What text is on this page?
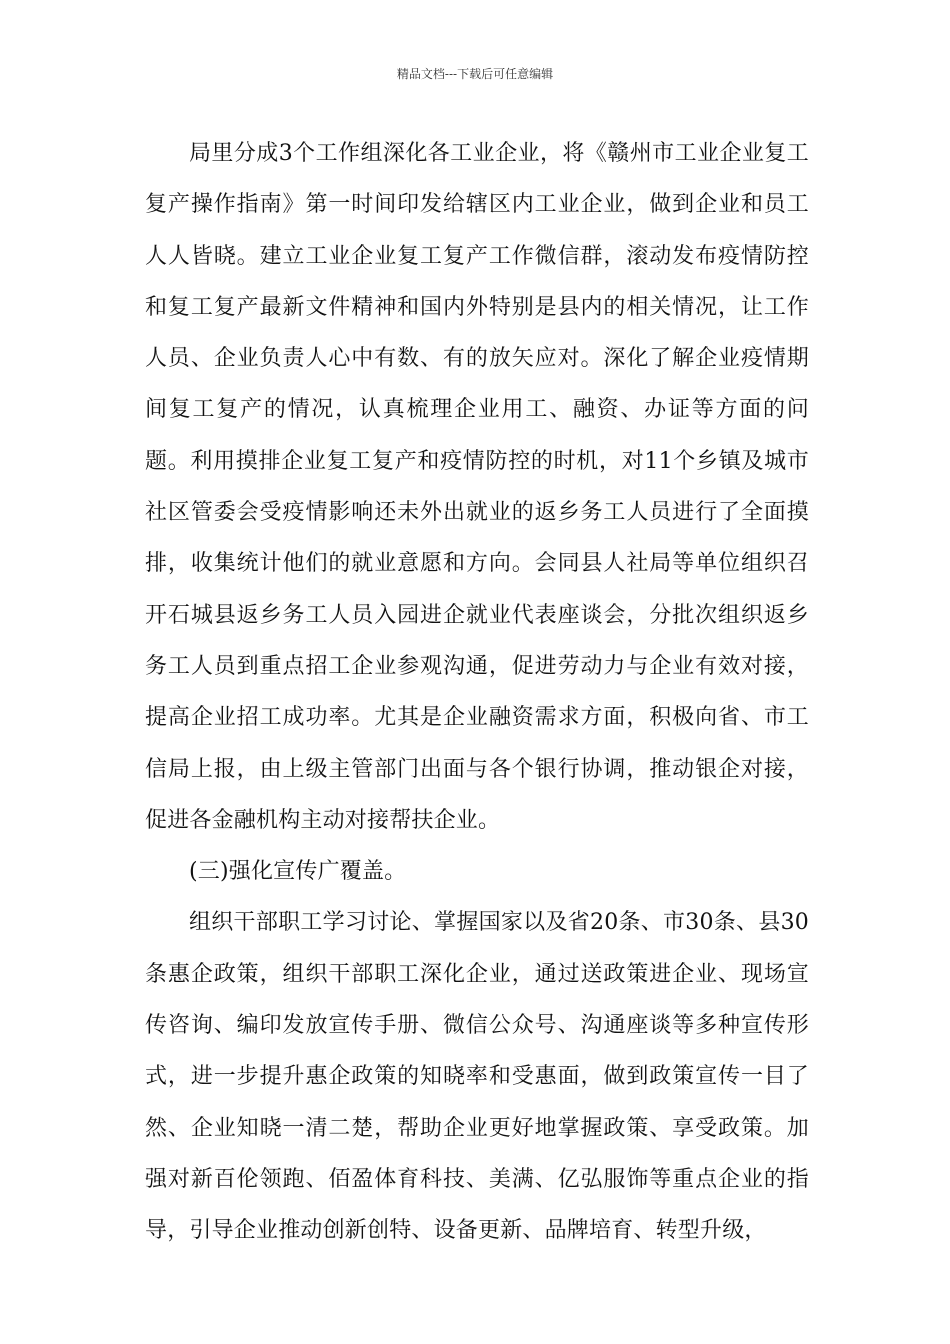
精品文档---下载后可任意编辑

局里分成3个工作组深化各工业企业，将《赣州市工业企业复工复产操作指南》第一时间印发给辖区内工业企业，做到企业和员工人人皆晓。建立工业企业复工复产工作微信群，滚动发布疫情防控和复工复产最新文件精神和国内外特别是县内的相关情况，让工作人员、企业负责人心中有数、有的放矢应对。深化了解企业疫情期间复工复产的情况，认真梳理企业用工、融资、办证等方面的问题。利用摸排企业复工复产和疫情防控的时机，对11个乡镇及城市社区管委会受疫情影响还未外出就业的返乡务工人员进行了全面摸排，收集统计他们的就业意愿和方向。会同县人社局等单位组织召开石城县返乡务工人员入园进企就业代表座谈会，分批次组织返乡务工人员到重点招工企业参观沟通，促进劳动力与企业有效对接，提高企业招工成功率。尤其是企业融资需求方面，积极向省、市工信局上报，由上级主管部门出面与各个银行协调，推动银企对接，促进各金融机构主动对接帮扶企业。

(三)强化宣传广覆盖。

组织干部职工学习讨论、掌握国家以及省20条、市30条、县30条惠企政策，组织干部职工深化企业，通过送政策进企业、现场宣传咨询、编印发放宣传手册、微信公众号、沟通座谈等多种宣传形式，进一步提升惠企政策的知晓率和受惠面，做到政策宣传一目了然、企业知晓一清二楚，帮助企业更好地掌握政策、享受政策。加强对新百伦领跑、佰盈体育科技、美满、亿弘服饰等重点企业的指导，引导企业推动创新创特、设备更新、品牌培育、转型升级，
